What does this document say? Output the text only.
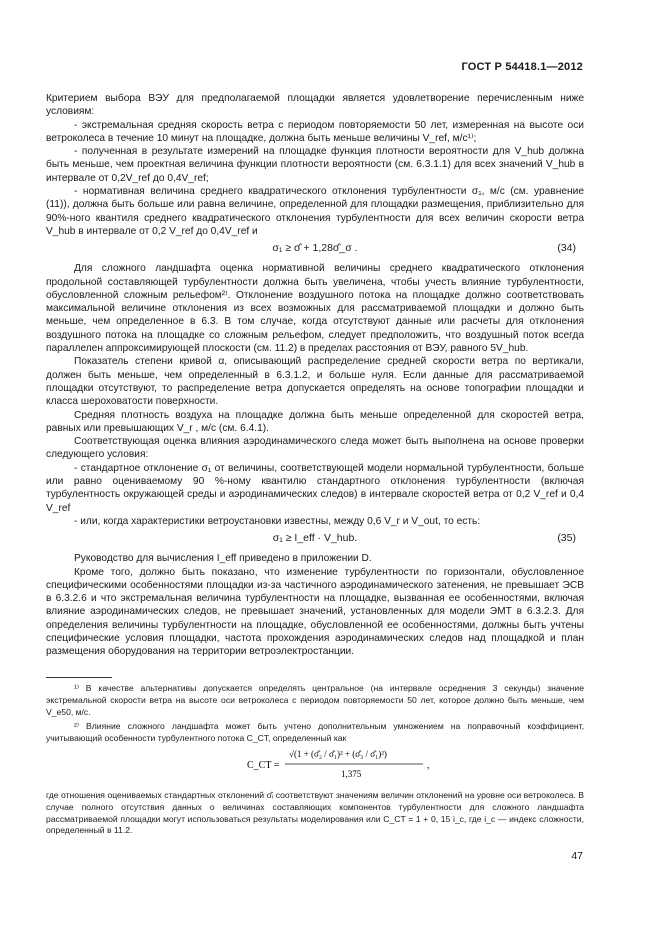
ГОСТ Р 54418.1—2012

Критерием выбора ВЭУ для предполагаемой площадки является удовлетворение перечисленным ниже условиям:

- экстремальная средняя скорость ветра с периодом повторяемости 50 лет, измеренная на высоте оси ветроколеса в течение 10 минут на площадке, должна быть меньше величины V_ref, м/с¹⁾;

- полученная в результате измерений на площадке функция плотности вероятности для V_hub должна быть меньше, чем проектная величина функции плотности вероятности (см. 6.3.1.1) для всех значений V_hub в интервале от 0,2V_ref до 0,4V_ref;

- нормативная величина среднего квадратического отклонения турбулентности σ₁, м/с (см. уравнение (11)), должна быть больше или равна величине, определенной для площадки размещения, приблизительно для 90%-ного квантиля среднего квадратического отклонения турбулентности для всех величин скорости ветра V_hub в интервале от 0,2 V_ref до 0,4V_ref и

σ₁ ≥ σ̂ + 1,28σ̂_σ .	(34)

Для сложного ландшафта оценка нормативной величины среднего квадратического отклонения продольной составляющей турбулентности должна быть увеличена, чтобы учесть влияние турбулентности, обусловленной сложным рельефом²⁾. Отклонение воздушного потока на площадке должно соответствовать максимальной величине отклонения из всех возможных для рассматриваемой площадки и должно быть меньше, чем определенное в 6.3. В том случае, когда отсутствуют данные или расчеты для отклонения воздушного потока на площадке со сложным рельефом, следует предположить, что воздушный поток всегда параллелен аппроксимирующей плоскости (см. 11.2) в пределах расстояния от ВЭУ, равного 5V_hub.

Показатель степени кривой α, описывающий распределение средней скорости ветра по вертикали, должен быть меньше, чем определенный в 6.3.1.2, и больше нуля. Если данные для рассматриваемой площадки отсутствуют, то распределение ветра допускается определять на основе топографии площадки и класса шероховатости поверхности.

Средняя плотность воздуха на площадке должна быть меньше определенной для скоростей ветра, равных или превышающих V_r , м/с (см. 6.4.1).

Соответствующая оценка влияния аэродинамического следа может быть выполнена на основе проверки следующего условия:

- стандартное отклонение σ₁ от величины, соответствующей модели нормальной турбулентности, больше или равно оцениваемому 90 %-ному квантилю стандартного отклонения турбулентности (включая турбулентность окружающей среды и аэродинамических следов) в интервале скоростей ветра от 0,2 V_ref и 0,4 V_ref

- или, когда характеристики ветроустановки известны, между 0,6 V_r и V_out, то есть:

σ₁ ≥ I_eff · V_hub.	(35)

Руководство для вычисления I_eff приведено в приложении D.

Кроме того, должно быть показано, что изменение турбулентности по горизонтали, обусловленное специфическими особенностями площадки из-за частичного аэродинамического затенения, не превышает ЭСВ в 6.3.2.6 и что экстремальная величина турбулентности на площадке, вызванная ее особенностями, включая влияние аэродинамических следов, не превышает значений, установленных для модели ЭМТ в 6.3.2.3. Для определения величины турбулентности на площадке, обусловленной ее особенностями, должны быть учтены специфические условия площадки, частота прохождения аэродинамических следов над площадкой и план размещения оборудования на территории ветроэлектростанции.

¹⁾ В качестве альтернативы допускается определять центральное (на интервале осреднения 3 секунды) значение экстремальной скорости ветра на высоте оси ветроколеса с периодом повторяемости 50 лет, которое должно быть меньше, чем V_e50, м/с.

²⁾ Влияние сложного ландшафта может быть учтено дополнительным умножением на поправочный коэффициент, учитывающий особенности турбулентного потока C_CT, определенный как

C_CT =
√(1 + (σ̂₂ / σ̂₁)² + (σ̂₃ / σ̂₁)²)
1,375
,

где отношения оцениваемых стандартных отклонений σ̂ᵢ соответствуют значениям величин отклонений на уровне оси ветроколеса. В случае полного отсутствия данных о величинах составляющих компонентов турбулентности для сложного ландшафта рассматриваемой площадки могут использоваться результаты моделирования или C_CT = 1 + 0, 15 i_c, где i_c — индекс сложности, определенный в 11.2.

47
